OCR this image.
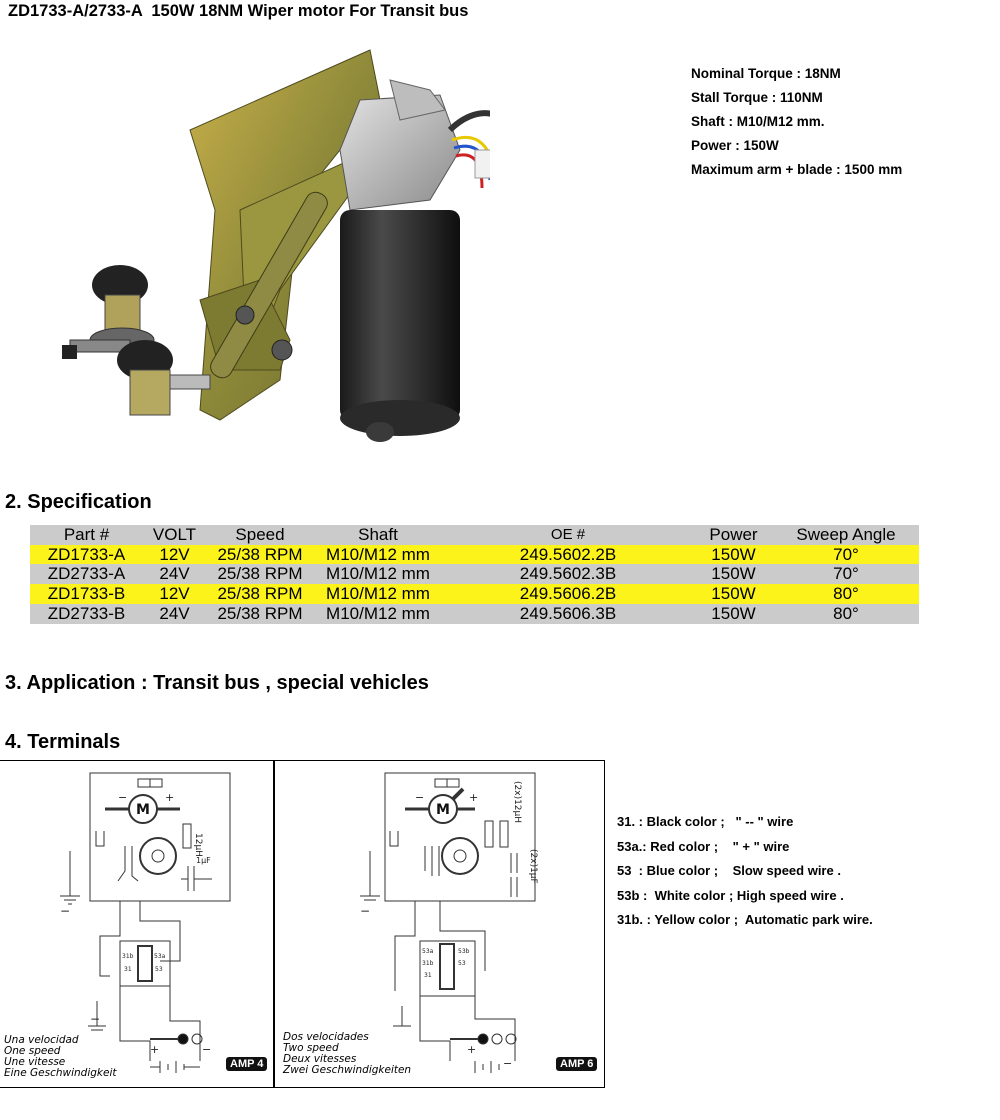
ZD1733-A/2733-A  150W 18NM Wiper motor For Transit bus
Nominal Torque : 18NM
Stall Torque : 110NM
Shaft : M10/M12 mm.
Power : 150W
Maximum arm + blade : 1500 mm
2. Specification
Part #	VOLT	Speed	Shaft	OE #	Power	Sweep Angle
ZD1733-A	12V	25/38 RPM	M10/M12 mm	249.5602.2B	150W	70°
ZD2733-A	24V	25/38 RPM	M10/M12 mm	249.5602.3B	150W	70°
ZD1733-B	12V	25/38 RPM	M10/M12 mm	249.5606.2B	150W	80°
ZD2733-B	24V	25/38 RPM	M10/M12 mm	249.5606.3B	150W	80°
3. Application : Transit bus , special vehicles
4. Terminals
−	+
M
12µH
1µF
31b	53a
31	53
−
−
+	−
Una velocidad
One speed
Une vitesse
Eine Geschwindigkeit
AMP 4
−	+
M	(2x)12µH
(2x)1µF
53a	53b
31b	53
31
−
+
−
Dos velocidades
Two speed
Deux vitesses
Zwei Geschwindigkeiten	AMP 6
31. : Black color ;   " -- " wire
53a.: Red color ;    " + " wire
53  : Blue color ;    Slow speed wire .
53b :  White color ; High speed wire .
31b. : Yellow color ;  Automatic park wire.
